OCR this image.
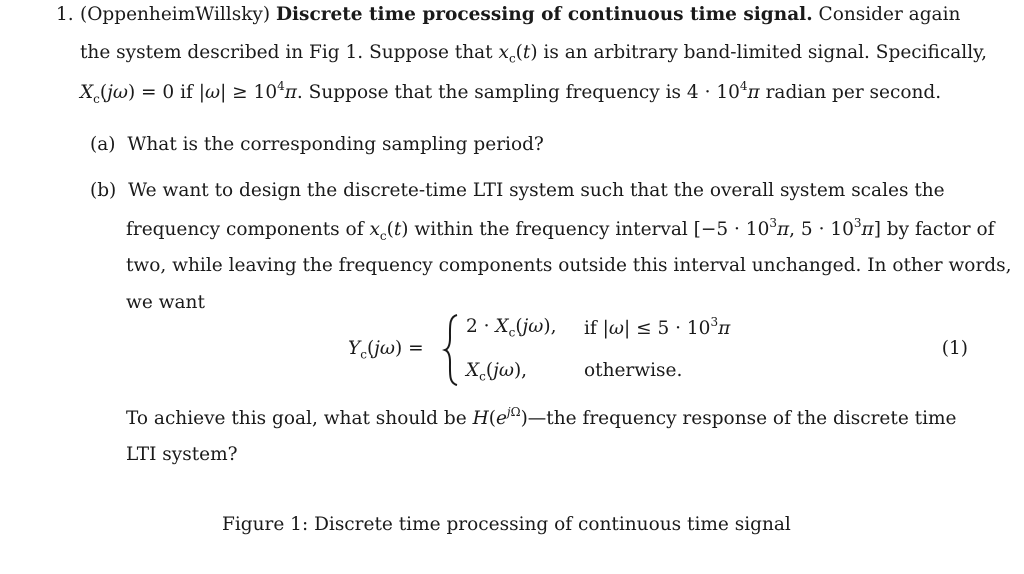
1. (OppenheimWillsky) Discrete time processing of continuous time signal. Consider again
the system described in Fig 1. Suppose that $x_c(t)$ is an arbitrary band-limited signal. Specifically,
$X_c(j\omega) = 0$ if $|\omega| \ge 10^4\pi$. Suppose that the sampling frequency is $4 \cdot 10^4\pi$ radian per second.
(a) What is the corresponding sampling period?
(b) We want to design the discrete-time LTI system such that the overall system scales the
frequency components of $x_c(t)$ within the frequency interval [$-5 \cdot 10^3\pi$, $5 \cdot 10^3\pi$] by factor of
two, while leaving the frequency components outside this interval unchanged. In other words,
we want
$Y_c(j\omega)$ =
$2 \cdot X_c(j\omega)$, if $|\omega| \le 5 \cdot 10^3\pi$
$X_c(j\omega)$,	otherwise.
(1)
To achieve this goal, what should be $H(e^{j\Omega})—the$ frequency response of the discrete time
LTI system?
Figure 1: Discrete time processing of continuous time signal
